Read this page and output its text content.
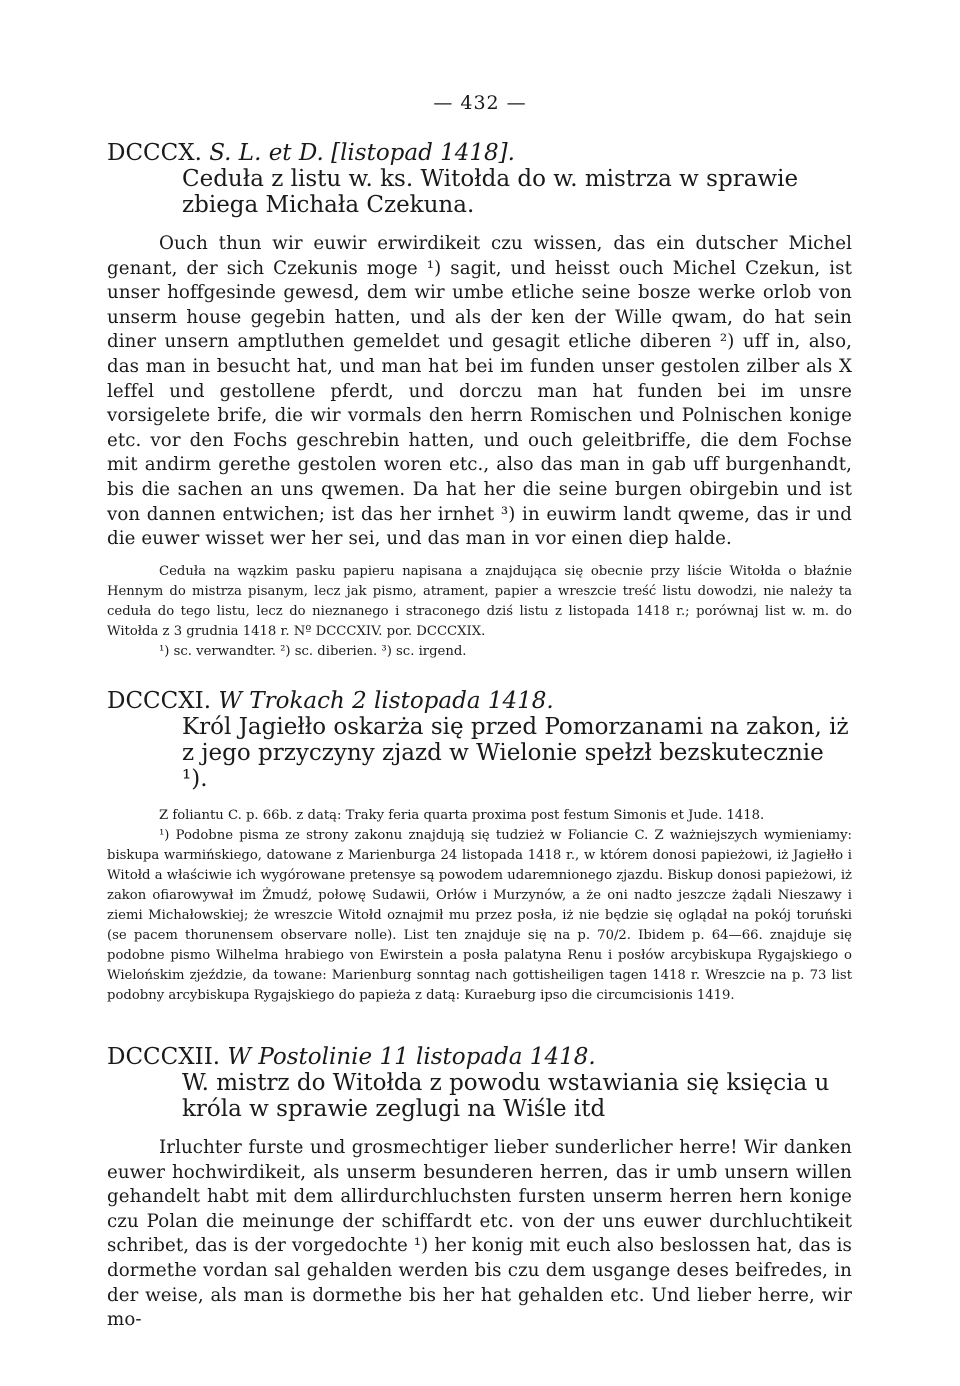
— 432 —

DCCCX. S. L. et D. [listopad 1418].

Ceduła z listu w. ks. Witołda do w. mistrza w sprawie zbiega Michała Czekuna.

Ouch thun wir euwir erwirdikeit czu wissen, das ein dutscher Michel genant, der sich Czekunis moge ¹) sagit, und heisst ouch Michel Czekun, ist unser hoffgesinde gewesd, dem wir umbe etliche seine bosze werke orlob von unserm house gegebin hatten, und als der ken der Wille qwam, do hat sein diner unsern amptluthen gemeldet und gesagit etliche diberen ²) uff in, also, das man in besucht hat, und man hat bei im funden unser gestolen zilber als X leffel und gestollene pferdt, und dorczu man hat funden bei im unsre vorsigelete brife, die wir vormals den herrn Romischen und Polnischen konige etc. vor den Fochs geschrebin hatten, und ouch geleitbriffe, die dem Fochse mit andirm gerethe gestolen woren etc., also das man in gab uff burgenhandt, bis die sachen an uns qwemen. Da hat her die seine burgen obirgebin und ist von dannen entwichen; ist das her irnhet ³) in euwirm landt qweme, das ir und die euwer wisset wer her sei, und das man in vor einen diep halde.

Ceduła na wązkim pasku papieru napisana a znajdująca się obecnie przy liście Witołda o błaźnie Hennym do mistrza pisanym, lecz jak pismo, atrament, papier a wreszcie treść listu dowodzi, nie należy ta ceduła do tego listu, lecz do nieznanego i straconego dziś listu z listopada 1418 r.; porównaj list w. m. do Witołda z 3 grudnia 1418 r. Nº DCCCXIV. por. DCCCXIX.

¹) sc. verwandter. ²) sc. diberien. ³) sc. irgend.

DCCCXI. W Trokach 2 listopada 1418.

Król Jagiełło oskarża się przed Pomorzanami na zakon, iż z jego przyczyny zjazd w Wielonie spełzł bezskutecznie ¹).

Z foliantu C. p. 66b. z datą: Traky feria quarta proxima post festum Simonis et Jude. 1418.

¹) Podobne pisma ze strony zakonu znajdują się tudzież w Foliancie C. Z ważniejszych wymieniamy: biskupa warmińskiego, datowane z Marienburga 24 listopada 1418 r., w którem donosi papieżowi, iż Jagiełło i Witołd a właściwie ich wygórowane pretensye są powodem udaremnionego zjazdu. Biskup donosi papieżowi, iż zakon ofiarowywał im Żmudź, połowę Sudawii, Orłów i Murzynów, a że oni nadto jeszcze żądali Nieszawy i ziemi Michałowskiej; że wreszcie Witołd oznajmił mu przez posła, iż nie będzie się oglądał na pokój toruński (se pacem thorunensem observare nolle). List ten znajduje się na p. 70/2. Ibidem p. 64—66. znajduje się podobne pismo Wilhelma hrabiego von Ewirstein a posła palatyna Renu i posłów arcybiskupa Rygajskiego o Wielońskim zjeździe, da towane: Marienburg sonntag nach gottisheiligen tagen 1418 r. Wreszcie na p. 73 list podobny arcybiskupa Rygajskiego do papieża z datą: Kuraeburg ipso die circumcisionis 1419.

DCCCXII. W Postolinie 11 listopada 1418.

W. mistrz do Witołda z powodu wstawiania się księcia u króla w sprawie zeglugi na Wiśle itd

Irluchter furste und grosmechtiger lieber sunderlicher herre! Wir danken euwer hochwirdikeit, als unserm besunderen herren, das ir umb unsern willen gehandelt habt mit dem allirdurchluchsten fursten unserm herren hern konige czu Polan die meinunge der schiffardt etc. von der uns euwer durchluchtikeit schribet, das is der vorgedochte ¹) her konig mit euch also beslossen hat, das is dormethe vordan sal gehalden werden bis czu dem usgange deses beifredes, in der weise, als man is dormethe bis her hat gehalden etc. Und lieber herre, wir mo-
